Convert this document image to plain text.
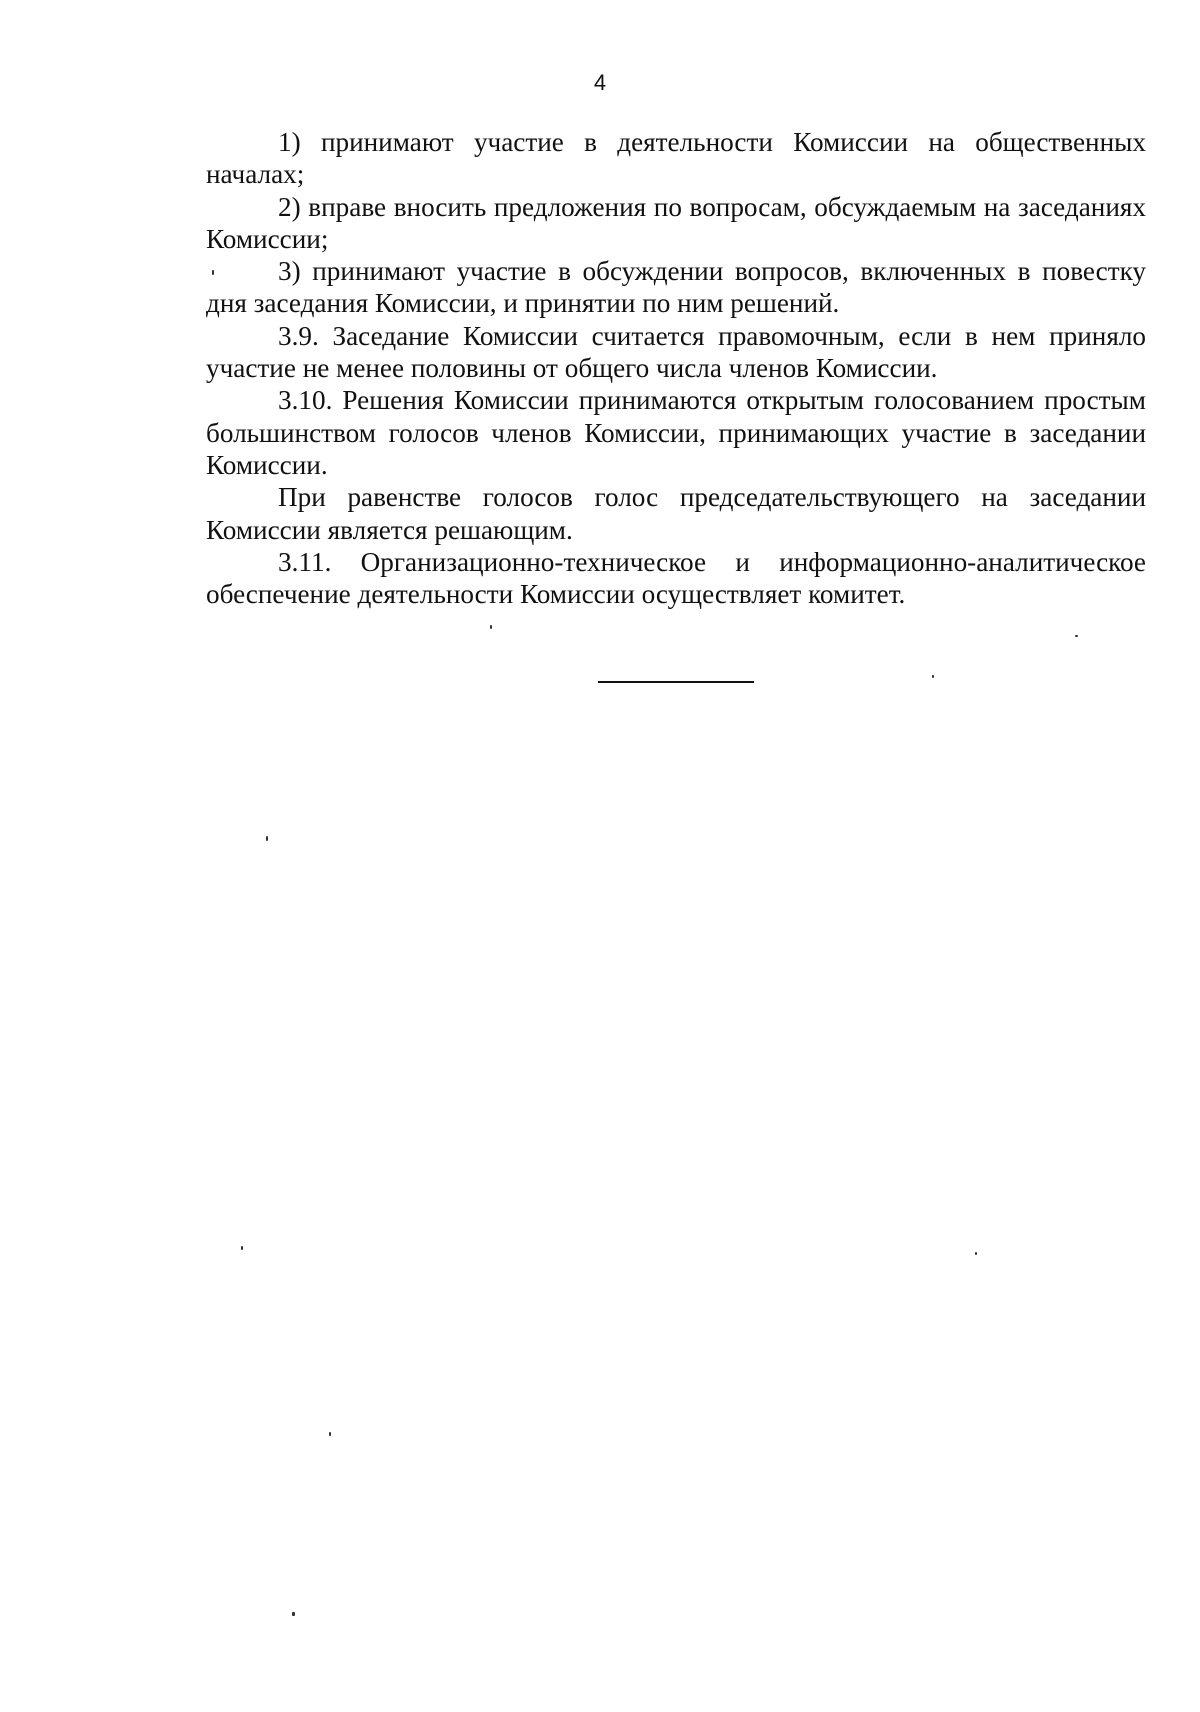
4

1) принимают участие в деятельности Комиссии на общественных началах;

2) вправе вносить предложения по вопросам, обсуждаемым на заседаниях Комиссии;

3) принимают участие в обсуждении вопросов, включенных в повестку дня заседания Комиссии, и принятии по ним решений.

3.9. Заседание Комиссии считается правомочным, если в нем приняло участие не менее половины от общего числа членов Комиссии.

3.10. Решения Комиссии принимаются открытым голосованием простым большинством голосов членов Комиссии, принимающих участие в заседании Комиссии.

При равенстве голосов голос председательствующего на заседании Комиссии является решающим.

3.11. Организационно-техническое и информационно-аналитическое обеспечение деятельности Комиссии осуществляет комитет.
